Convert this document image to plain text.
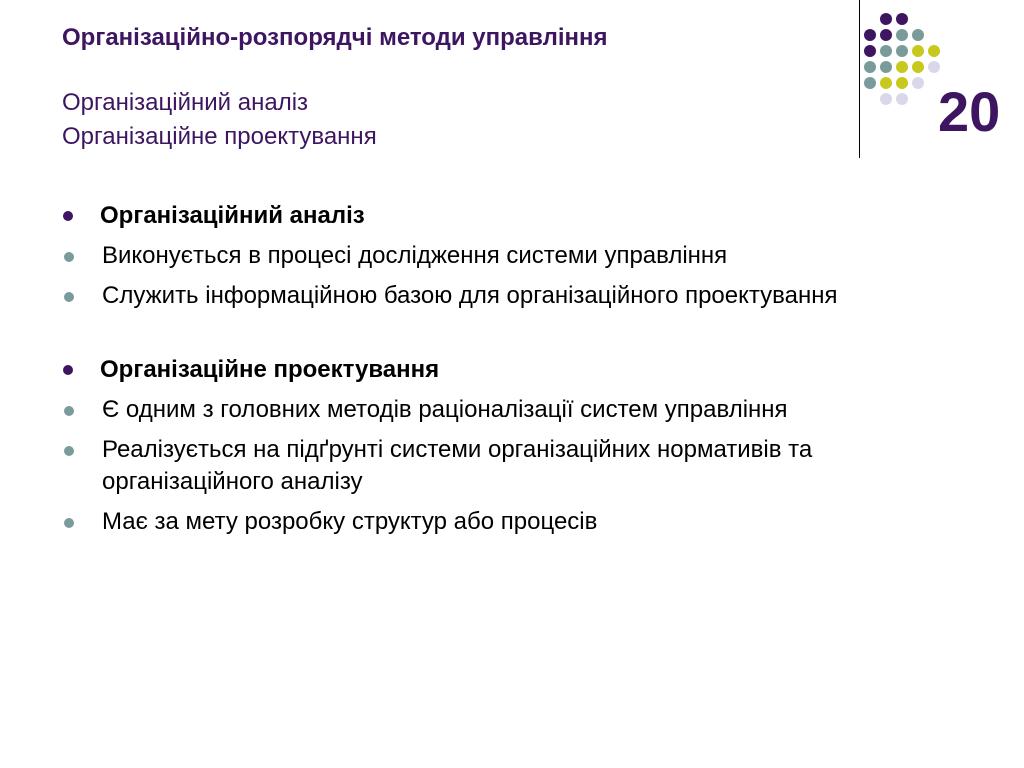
Організаційно-розпорядчі методи управління

Організаційний аналіз

Організаційне проектування	20
Організаційний аналіз
Виконується в процесі дослідження системи управління
Служить інформаційною базою для організаційного проектування
Організаційне проектування
Є одним з головних методів раціоналізації систем управління
Реалізується на підґрунті системи організаційних нормативів та організаційного аналізу
Має за мету розробку структур або процесів
